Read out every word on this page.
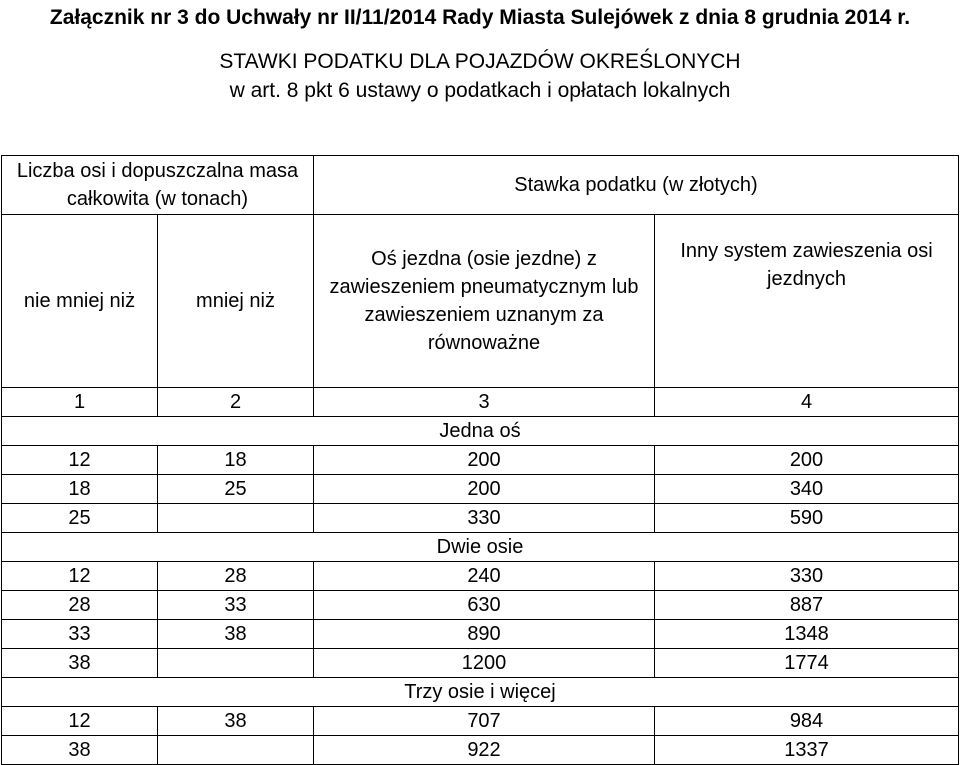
Załącznik nr 3 do Uchwały nr II/11/2014 Rady Miasta Sulejówek z dnia 8 grudnia 2014 r.
STAWKI PODATKU DLA POJAZDÓW OKREŚLONYCH
w art. 8 pkt 6 ustawy o podatkach i opłatach lokalnych
Liczba osi i dopuszczalna masa całkowita (w tonach)		Stawka podatku (w złotych)	
nie mniej niż	mniej niż	Oś jezdna (osie jezdne) z zawieszeniem pneumatycznym lub zawieszeniem uznanym za równoważne	Inny system zawieszenia osi jezdnych
1	2	3	4
Jedna oś			
12	18	200	200
18	25	200	340
25		330	590
Dwie osie			
12	28	240	330
28	33	630	887
33	38	890	1348
38		1200	1774
Trzy osie i więcej			
12	38	707	984
38		922	1337
